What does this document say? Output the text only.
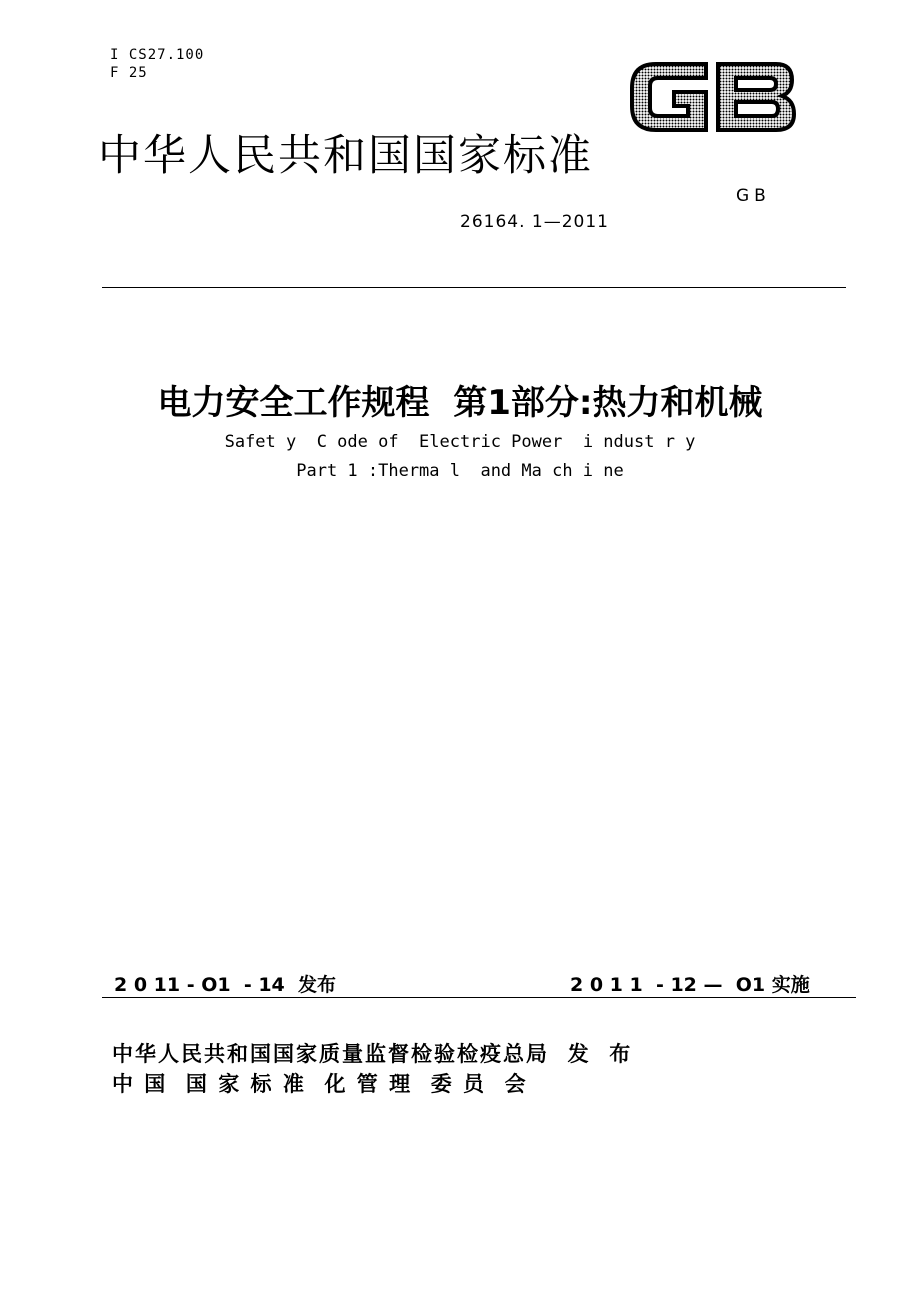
I CS27.100
F 25
GB
中华人民共和国国家标准
GB
26164. 1—2011
电力安全工作规程  第1部分:热力和机械
Safet y  C ode of  Electric Power  i ndust r y
Part 1 :Therma l  and Ma ch i ne
2 0 11 - O1  - 14  发布	2 0 1 1  - 12 —  O1 实施
中华人民共和国国家质量监督检验检疫总局  发  布
中 国  国 家 标 准  化 管 理  委 员  会
